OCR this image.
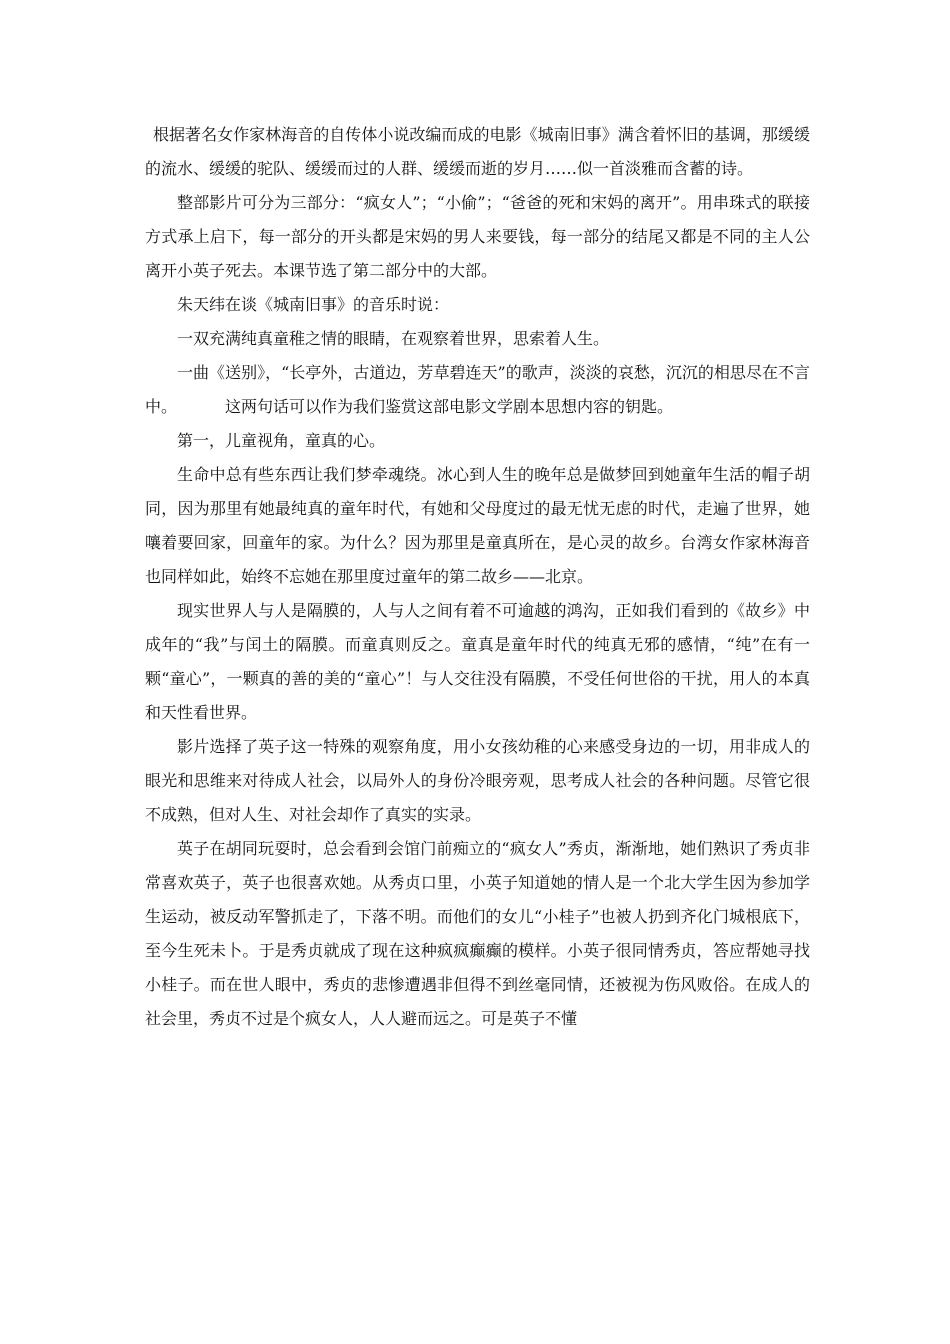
根据著名女作家林海音的自传体小说改编而成的电影《城南旧事》满含着怀旧的基调，那缓缓的流水、缓缓的驼队、缓缓而过的人群、缓缓而逝的岁月……似一首淡雅而含蓄的诗。

整部影片可分为三部分：“疯女人”；“小偷”；“爸爸的死和宋妈的离开”。用串珠式的联接方式承上启下，每一部分的开头都是宋妈的男人来要钱，每一部分的结尾又都是不同的主人公离开小英子死去。本课节选了第二部分中的大部。

朱天纬在谈《城南旧事》的音乐时说：

一双充满纯真童稚之情的眼睛，在观察着世界，思索着人生。

一曲《送别》，“长亭外，古道边，芳草碧连天”的歌声，淡淡的哀愁，沉沉的相思尽在不言中。	这两句话可以作为我们鉴赏这部电影文学剧本思想内容的钥匙。

第一，儿童视角，童真的心。

生命中总有些东西让我们梦牵魂绕。冰心到人生的晚年总是做梦回到她童年生活的帽子胡同，因为那里有她最纯真的童年时代，有她和父母度过的最无忧无虑的时代，走遍了世界，她嚷着要回家，回童年的家。为什么？因为那里是童真所在，是心灵的故乡。台湾女作家林海音也同样如此，始终不忘她在那里度过童年的第二故乡——北京。

现实世界人与人是隔膜的，人与人之间有着不可逾越的鸿沟，正如我们看到的《故乡》中成年的“我”与闰土的隔膜。而童真则反之。童真是童年时代的纯真无邪的感情，“纯”在有一颗“童心”，一颗真的善的美的“童心”！与人交往没有隔膜，不受任何世俗的干扰，用人的本真和天性看世界。

影片选择了英子这一特殊的观察角度，用小女孩幼稚的心来感受身边的一切，用非成人的眼光和思维来对待成人社会，以局外人的身份冷眼旁观，思考成人社会的各种问题。尽管它很不成熟，但对人生、对社会却作了真实的实录。

英子在胡同玩耍时，总会看到会馆门前痴立的“疯女人”秀贞，渐渐地，她们熟识了秀贞非常喜欢英子，英子也很喜欢她。从秀贞口里，小英子知道她的情人是一个北大学生因为参加学生运动，被反动军警抓走了，下落不明。而他们的女儿“小桂子”也被人扔到齐化门城根底下，至今生死未卜。于是秀贞就成了现在这种疯疯癫癫的模样。小英子很同情秀贞，答应帮她寻找小桂子。而在世人眼中，秀贞的悲惨遭遇非但得不到丝毫同情，还被视为伤风败俗。在成人的社会里，秀贞不过是个疯女人，人人避而远之。可是英子不懂
